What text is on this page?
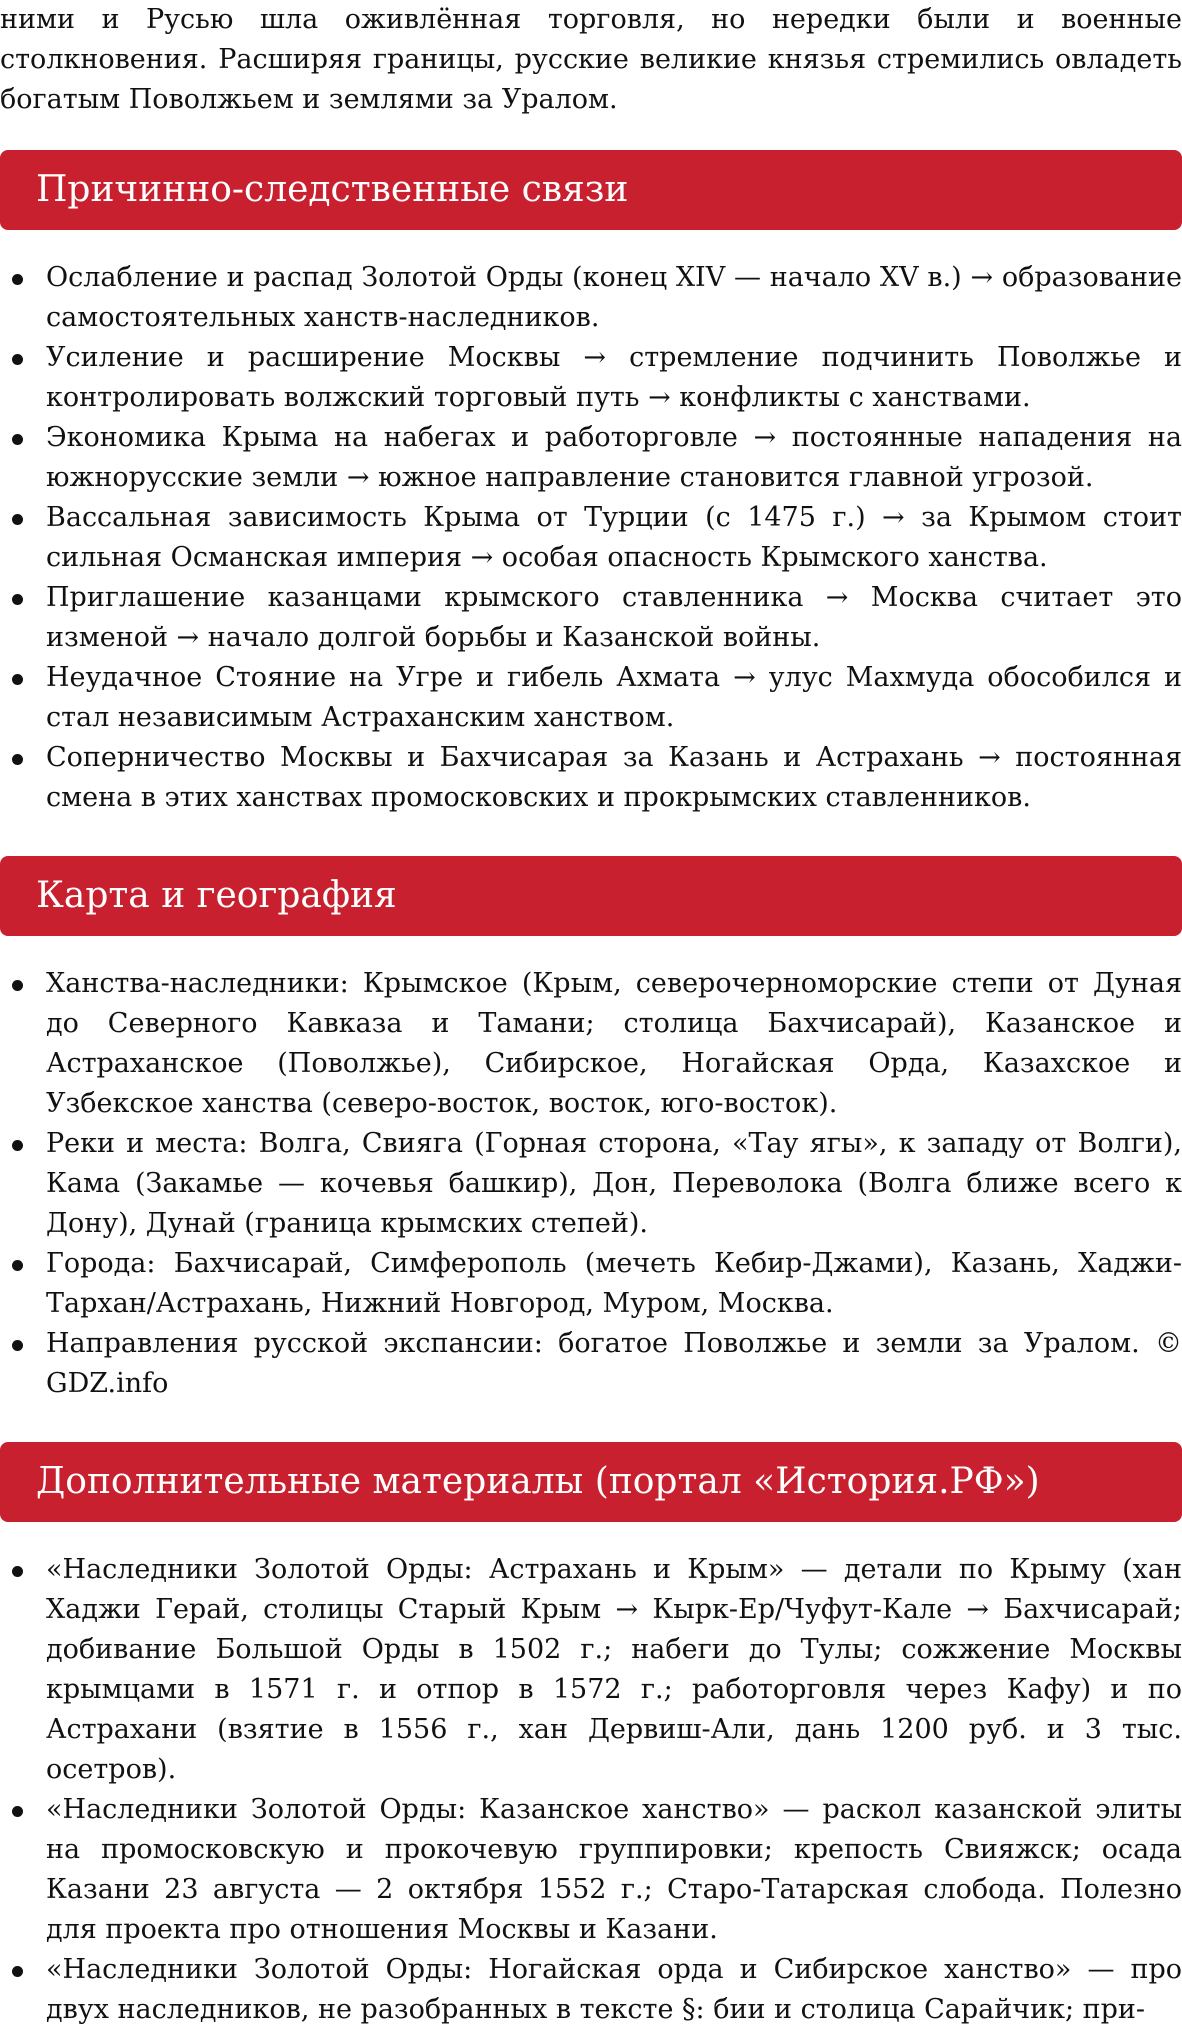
ними и Русью шла оживлённая торговля, но нередки были и военные столкновения. Расширяя границы, русские великие князья стремились овладеть богатым Поволжьем и землями за Уралом.
Причинно-следственные связи
Ослабление и распад Золотой Орды (конец XIV — начало XV в.) → образование самостоятельных ханств-наследников.
Усиление и расширение Москвы → стремление подчинить Поволжье и контролировать волжский торговый путь → конфликты с ханствами.
Экономика Крыма на набегах и работорговле → постоянные нападения на южнорусские земли → южное направление становится главной угрозой.
Вассальная зависимость Крыма от Турции (с 1475 г.) → за Крымом стоит сильная Османская империя → особая опасность Крымского ханства.
Приглашение казанцами крымского ставленника → Москва считает это изменой → начало долгой борьбы и Казанской войны.
Неудачное Стояние на Угре и гибель Ахмата → улус Махмуда обособился и стал независимым Астраханским ханством.
Соперничество Москвы и Бахчисарая за Казань и Астрахань → постоянная смена в этих ханствах промосковских и прокрымских ставленников.
Карта и география
Ханства-наследники: Крымское (Крым, северочерноморские степи от Дуная до Северного Кавказа и Тамани; столица Бахчисарай), Казанское и Астраханское (Поволжье), Сибирское, Ногайская Орда, Казахское и Узбекское ханства (северо-восток, восток, юго-восток).
Реки и места: Волга, Свияга (Горная сторона, «Тау ягы», к западу от Волги), Кама (Закамье — кочевья башкир), Дон, Переволока (Волга ближе всего к Дону), Дунай (граница крымских степей).
Города: Бахчисарай, Симферополь (мечеть Кебир-Джами), Казань, Хаджи-Тархан/Астрахань, Нижний Новгород, Муром, Москва.
Направления русской экспансии: богатое Поволжье и земли за Уралом. © GDZ.info
Дополнительные материалы (портал «История.РФ»)
«Наследники Золотой Орды: Астрахань и Крым» — детали по Крыму (хан Хаджи Герай, столицы Старый Крым → Кырк-Ер/Чуфут-Кале → Бахчисарай; добивание Большой Орды в 1502 г.; набеги до Тулы; сожжение Москвы крымцами в 1571 г. и отпор в 1572 г.; работорговля через Кафу) и по Астрахани (взятие в 1556 г., хан Дервиш-Али, дань 1200 руб. и 3 тыс. осетров).
«Наследники Золотой Орды: Казанское ханство» — раскол казанской элиты на промосковскую и прокочевую группировки; крепость Свияжск; осада Казани 23 августа — 2 октября 1552 г.; Старо-Татарская слобода. Полезно для проекта про отношения Москвы и Казани.
«Наследники Золотой Орды: Ногайская орда и Сибирское ханство» — про двух наследников, не разобранных в тексте §: бии и столица Сарайчик; при-
